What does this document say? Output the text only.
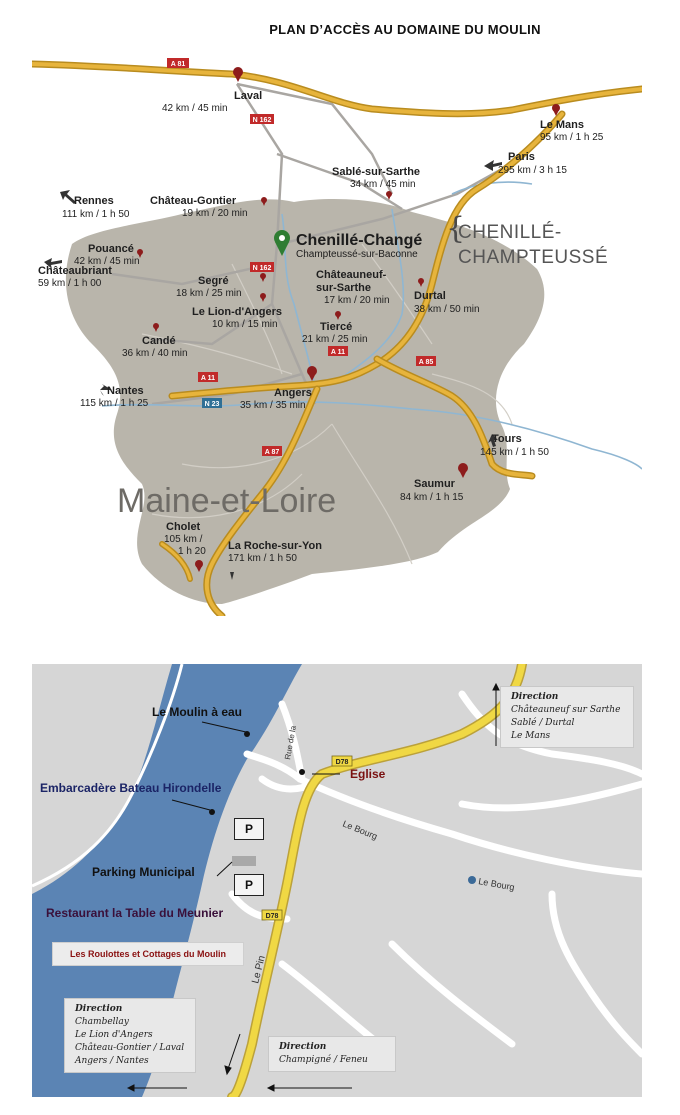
PLAN D’ACCÈS AU DOMAINE DU MOULIN
A 81
N 162
N 162
A 11
A 11
A 85
N 23
A 87
Maine-et-Loire
{
CHENILLÉ-
CHAMPTEUSSÉ
Laval
42 km / 45 min
Le Mans
95 km / 1 h 25
Paris
295 km / 3 h 15
Sablé-sur-Sarthe
34 km / 45 min
Rennes
111 km / 1 h 50
Château-Gontier
19 km / 20 min
Pouancé
42 km / 45 min
Châteaubriant
59 km / 1 h 00	Segré
18 km / 25 min
Le Lion-d'Angers
10 km / 15 min
Châteauneuf-
sur-Sarthe
17 km / 20 min Durtal
38 km / 50 min
Tiercé
21 km / 25 min
Candé
36 km / 40 min
Nantes
115 km / 1 h 25
Angers
35 km / 35 min
Tours
145 km / 1 h 50
Saumur
84 km / 1 h 15
Cholet
105 km /
1 h 20 La Roche-sur-Yon
171 km / 1 h 50
Chenillé-Changé
Champteussé-sur-Baconne
Le Moulin à eau
Embarcadère Bateau Hirondelle
Parking Municipal
Restaurant la Table du Meunier
Eglise
Le Bourg
Le Bourg
Le Pin
Rue de la
D78
D78
P
P
Les Roulottes et Cottages du Moulin
Direction
Châteauneuf sur Sarthe
Sablé / Durtal
Le Mans
Direction
Chambellay
Le Lion d'Angers
Château-Gontier / Laval
Angers / Nantes
Direction
Champigné / Feneu
